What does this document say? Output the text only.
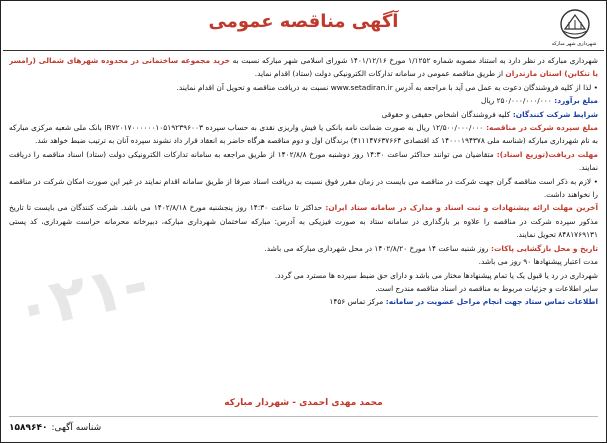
آگهی مناقصه عمومی
شهرداری شهر مبارکه
۰۲۱-

شهرداری مبارکه در نظر دارد به استناد مصوبه شماره ۱/۱۲۵۲ مورخ ۱۴۰۱/۱۲/۱۶ شورای اسلامی شهر مبارکه نسبت به خرید مجموعه ساختمانی در محدوده شهرهای شمالی (رامسر یا تنکابن) استان مازندران از طریق مناقصه عمومی در سامانه تدارکات الکترونیکی دولت (ستاد) اقدام نماید.

• لذا از کلیه فروشندگان دعوت به عمل می آید با مراجعه به آدرس www.setadiran.ir نسبت به دریافت مناقصه و تحویل آن اقدام نمایند.

مبلغ برآورد: ۲۵۰/۰۰۰/۰۰۰/۰۰۰ ریال

شرایط شرکت کنندگان: کلیه فروشندگان اشخاص حقیقی و حقوقی

مبلغ سپرده شرکت در مناقصه: ۱۲/۵۰۰/۰۰۰/۰۰۰ ریال به صورت ضمانت نامه بانکی یا فیش واریزی نقدی به حساب سپرده IR۷۲۰۱۷۰۰۰۰۰۰۱۰۵۱۹۲۳۹۶۰۰۳ بانک ملی شعبه مرکزی مبارکه به نام شهرداری مبارکه (شناسه ملی ۱۴۰۰۰۱۹۴۳۷۸ کد اقتصادی ۴۱۱۱۴۷۶۳۷۶۶۴) برندگان اول و دوم مناقصه هرگاه حاضر به انعقاد قرار داد نشوند سپرده آنان به ترتیب ضبط خواهد شد.

مهلت دریافت(توزیع اسناد): متقاضیان می توانند حداکثر ساعت ۱۴:۳۰ روز دوشنبه مورخ ۱۴۰۲/۸/۸ از طریق مراجعه به سامانه تدارکات الکترونیکی دولت (ستاد) اسناد مناقصه را دریافت نمایند.

• لازم به ذکر است مناقصه گران جهت شرکت در مناقصه می بایست در زمان مقرر فوق نسبت به دریافت اسناد صرفا از طریق سامانه اقدام نمایند در غیر این صورت امکان شرکت در مناقصه را نخواهند داشت.

آخرین مهلت ارائه پیشنهادات و ثبت اسناد و مدارک در سامانه ستاد ایران: حداکثر تا ساعت ۱۴:۳۰ روز پنجشنبه مورخ ۱۴۰۲/۸/۱۸ می باشد. شرکت کنندگان می بایست تا تاریخ مذکور سپرده شرکت در مناقصه را علاوه بر بارگذاری در سامانه ستاد به صورت فیزیکی به آدرس: مبارکه ساختمان شهرداری مبارکه، دبیرخانه محرمانه حراست شهرداری، کد پستی ۸۴۸۱۷۶۹۱۳۱ تحویل نمایند.

تاریخ و محل بازگشایی پاکات: روز شنبه ساعت ۱۴ مورخ ۱۴۰۲/۸/۲۰ در محل شهرداری مبارکه می باشد.

مدت اعتبار پیشنهادها ۹۰ روز می باشد.

شهرداری در رد یا قبول یک یا تمام پیشنهادها مختار می باشد و دارای حق ضبط سپرده ها مسترد می گردد.

سایر اطلاعات و جزئیات مربوط به مناقصه در اسناد مناقصه مندرج است.

اطلاعات تماس ستاد جهت انجام مراحل عضویت در سامانه: مرکز تماس ۱۴۵۶

محمد مهدی احمدی - شهردار مبارکه
شناسه آگهی:
۱۵۸۹۶۴۰
